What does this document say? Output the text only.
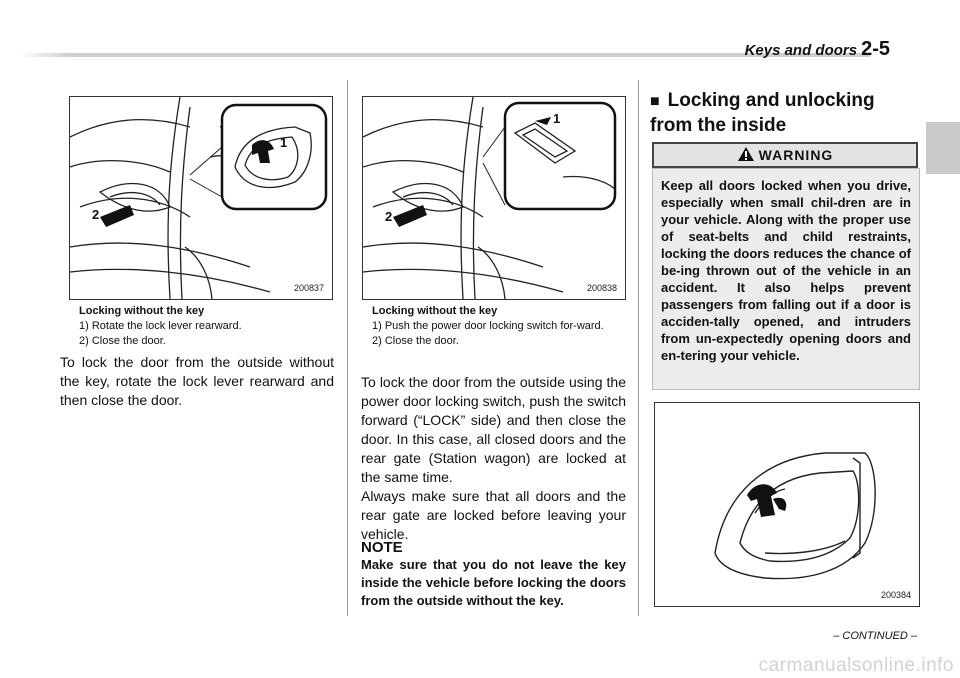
Keys and doors 2-5
2
1
200837
Locking without the key
1) Rotate the lock lever rearward.
2) Close the door.
To lock the door from the outside without the key, rotate the lock lever rearward and then close the door.
2
1
200838
Locking without the key
1) Push the power door locking switch for-ward.
2) Close the door.
To lock the door from the outside using the power door locking switch, push the switch forward (“LOCK” side) and then close the door. In this case, all closed doors and the rear gate (Station wagon) are locked at the same time.
Always make sure that all doors and the rear gate are locked before leaving your vehicle.
NOTE
Make sure that you do not leave the key inside the vehicle before locking the doors from the outside without the key.
■ Locking and unlocking from the inside
WARNING
Keep all doors locked when you drive, especially when small chil-dren are in your vehicle. Along with the proper use of seat-belts and child restraints, locking the doors reduces the chance of be-ing thrown out of the vehicle in an accident. It also helps prevent passengers from falling out if a door is acciden-tally opened, and intruders from un-expectedly opening doors and en-tering your vehicle.
200384
– CONTINUED –
carmanualsonline.info
